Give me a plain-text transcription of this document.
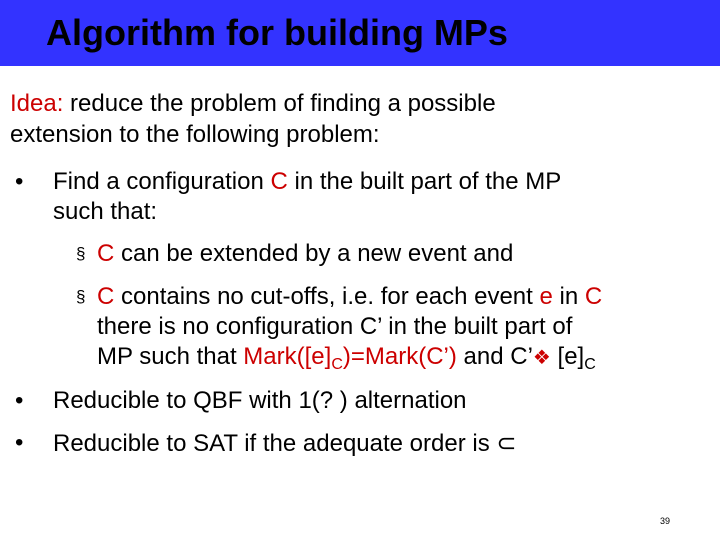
Algorithm for building MPs
Idea: reduce the problem of finding a possible
extension to the following problem:
• Find a configuration C in the built part of the MP
such that:
§ C can be extended by a new event and
§ C contains no cut-offs, i.e. for each event e in C
there is no configuration C’ in the built part of
MP such that $Mark([e]_C)=Mark(C’)$ and C’❖ $[e]_C$
• Reducible to QBF with 1(? ) alternation
• Reducible to SAT if the adequate order is ⊂
39
